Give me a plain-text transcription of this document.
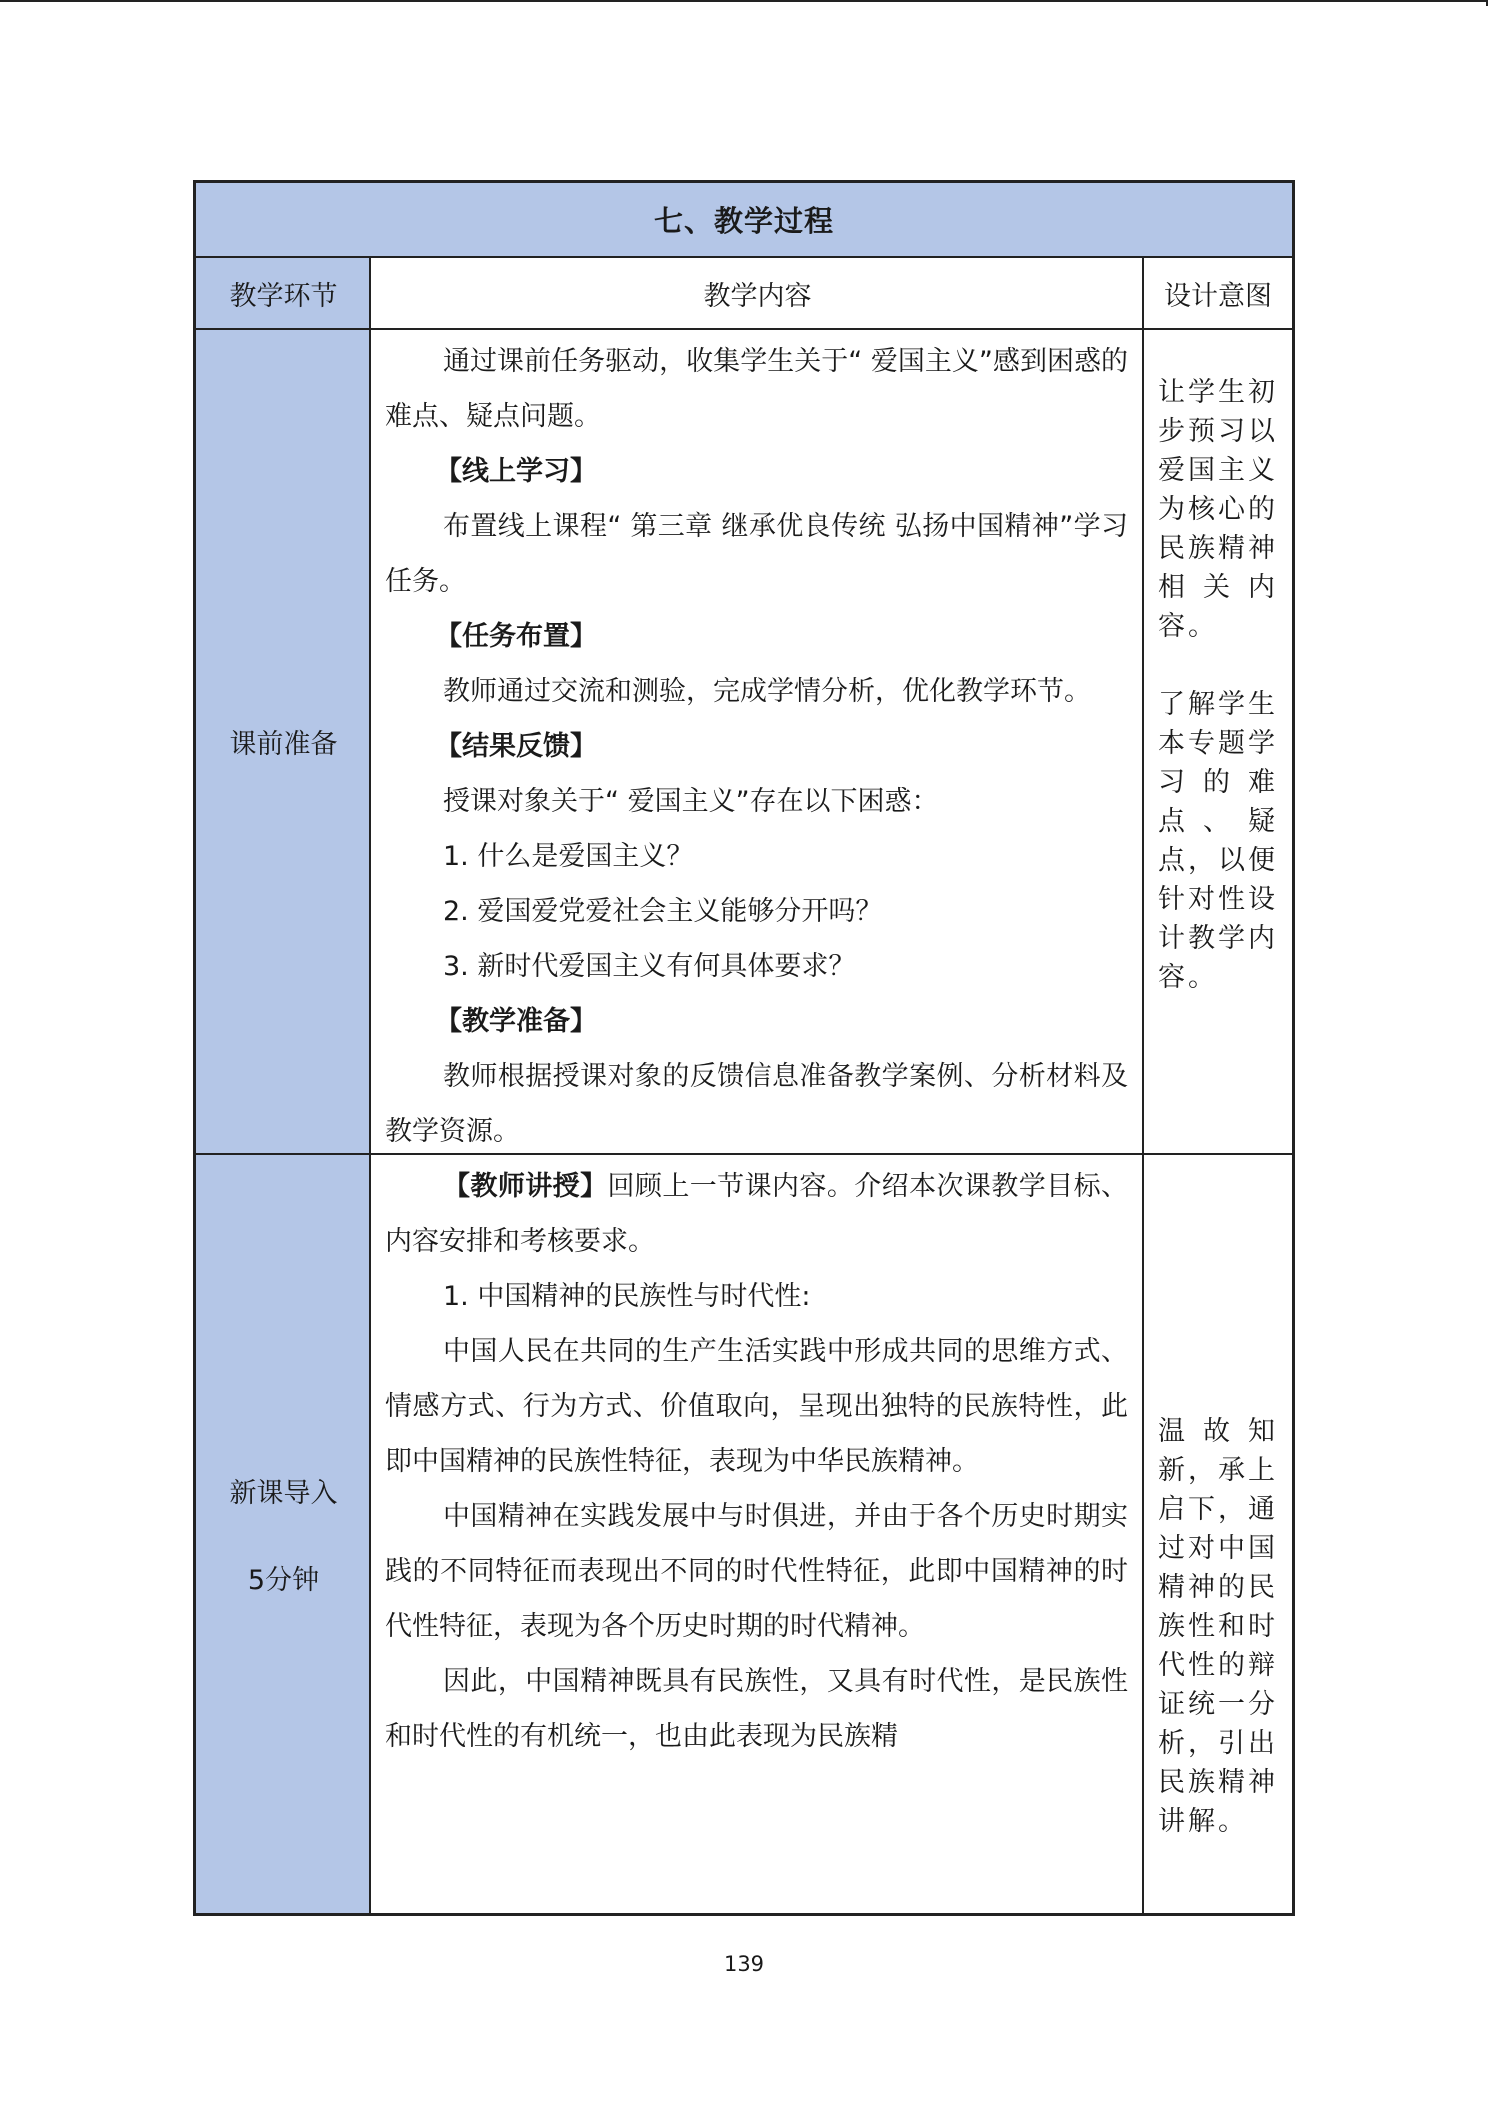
七、教学过程
教学环节	教学内容	设计意图
课前准备

通过课前任务驱动，收集学生关于“ 爱国主义”感到困惑的难点、疑点问题。

【线上学习】

布置线上课程“ 第三章 继承优良传统 弘扬中国精神”学习任务。

【任务布置】

教师通过交流和测验，完成学情分析，优化教学环节。

【结果反馈】

授课对象关于“ 爱国主义”存在以下困惑：

1. 什么是爱国主义？

2. 爱国爱党爱社会主义能够分开吗？

3. 新时代爱国主义有何具体要求？

【教学准备】

教师根据授课对象的反馈信息准备教学案例、分析材料及教学资源。

让学生初步预习以爱国主义为核心的民族精神相关内容。

了解学生本专题学习的难点、疑点，以便针对性设计教学内容。

新课导入
5分钟

【教师讲授】回顾上一节课内容。介绍本次课教学目标、内容安排和考核要求。

1. 中国精神的民族性与时代性:

中国人民在共同的生产生活实践中形成共同的思维方式、情感方式、行为方式、价值取向，呈现出独特的民族特性，此即中国精神的民族性特征，表现为中华民族精神。

中国精神在实践发展中与时俱进，并由于各个历史时期实践的不同特征而表现出不同的时代性特征，此即中国精神的时代性特征，表现为各个历史时期的时代精神。

因此，中国精神既具有民族性，又具有时代性，是民族性和时代性的有机统一，也由此表现为民族精

温故知新，承上启下，通过对中国精神的民族性和时代性的辩证统一分析，引出民族精神讲解。

139
